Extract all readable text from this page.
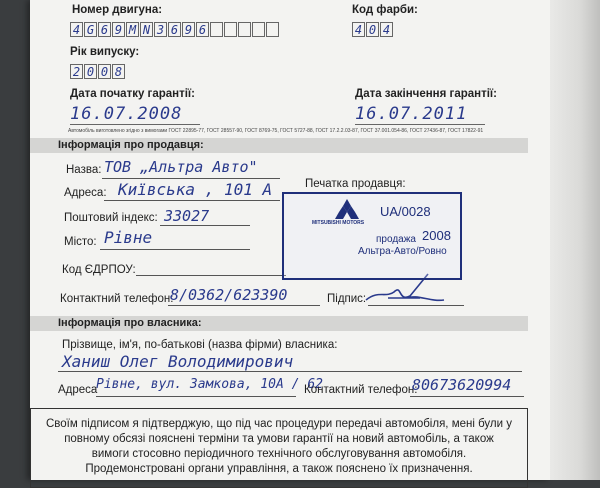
Номер двигуна:
4 G 6 9 M N 3 6 9 6
Код фарби:
4 0 4
Рік випуску:
2 0 0 8
Дата початку гарантії:
16.07.2008
Дата закінчення гарантії:
16.07.2011
Автомобіль виготовлено згідно з вимогами ГОСТ 22895-77, ГОСТ 28557-90, ГОСТ 8769-75, ГОСТ 5727-88, ГОСТ 17.2.2.03-87, ГОСТ 37.001.054-86, ГОСТ 27436-87, ГОСТ 17822-91
Інформація про продавця:
Назва: ТОВ „Альтра Авто"
Адреса: Київська , 101 А
Поштовий індекс: 33027
Місто: Рівне
Код ЄДРПОУ:
Контактний телефон:
8/0362/623390	Підпис:
Печатка продавця:
MITSUBISHI MOTORS
UA/0028
продажа 2008
Альтра-Авто/Ровно
Інформація про власника:
Прізвище, ім'я, по-батькові (назва фірми) власника:
Ханиш Олег Володимирович
Адреса
Рівне, вул. Замкова, 10А / 62
Контактний телефон:
80673620994
Своїм підписом я підтверджую, що під час процедури передачі автомобіля, мені були у
повному обсязі пояснені терміни та умови гарантії на новий автомобіль, а також
вимоги стосовно періодичного технічного обслуговування автомобіля.
Продемонстровані органи управління, а також пояснено їх призначення.
